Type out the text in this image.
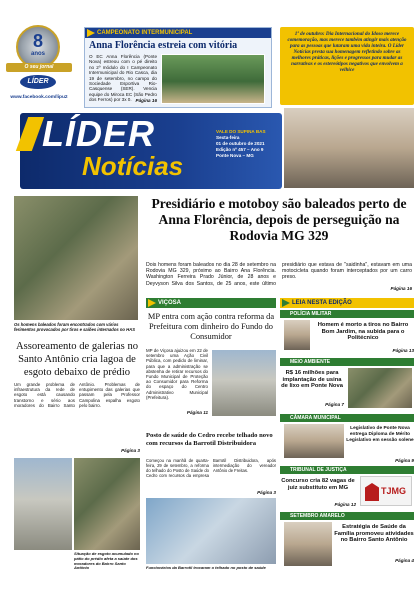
8
anos
O seu jornal
LÍDER
www.facebook.com/lipu2
CAMPEONATO INTERMUNICIPAL
Anna Florência estreia com vitória
O EC Anna Florência (Ponte Nova) estreou com o pé direito no 2º módulo do I Campeonato Intermunicipal do Rio Casca, dia 19 de setembro, no campo do Sociedade Esportiva Rio-Casquense (SER). Vencia equipe do Miroca EC (São Pedro dos Ferros) por 3x 0. Página 16
1º de outubro: Dia Internacional do Idoso merece comemoração, mas merece também atingir mais atenção para as pessoas que lutaram uma vida inteira. O Líder Notícias presta sua homenagem refletindo sobre as melhores práticas, lições e progressos para mudar as narrativas e os estereótipos negativos que envolvem a velhice
LÍDER
Notícias
VALE DO SUPINA BAS
Sexta-feira
01 de outubro de 2021
Edição nº 457 – Ano 9
Ponte Nova – MG
Os homens baleados foram encontrados com vários ferimentos provocados por tiros e saíões internados no HAS
Presidiário e motoboy são baleados perto de Anna Florência, depois de perseguição na Rodovia MG 329
Dois homens foram baleados no dia 28 de setembro na Rodovia MG 329, próximo ao Bairro Ana Florência. Washington Ferreira Prado Júnior, de 28 anos e Deyvyson Silva dos Santos, de 25 anos, este último presidiário que estava de "saidinha", estavam em uma motocicleta quando foram interceptados por um carro preso.
Página 16
VIÇOSA
MP entra com ação contra reforma da Prefeitura com dinheiro do Fundo do Consumidor
MP de Viçosa ajuizou em 22 de setembro uma Ação Civil Pública, com pedido de liminar, para que a administração se abstenha de retirar recursos do Fundo Municipal de Proteção ao Consumidor para Reforma do espaço do Centro Administrativo Municipal (Prefeitura).
Página 11
Assoreamento de galerias no Santo Antônio cria lagoa de esgoto debaixo de prédio
Um grande problema de infraestrutura da rede de esgoto está causando transtorno e sério aos moradores do Bairro Santo Antônio. Problemas de entupimento das galerias que passam pela Professor Campolina espalha esgoto pelo bairro.
Página 3
Situação de esgoto acumulado no pátio do prédio afeta a saúde dos moradores do Bairro Santo Antônio
Posto de saúde do Cedro recebe telhado novo com recursos da Barrotil Distribuidora
Começou na manhã de quarta-feira, 29 de setembro, a reforma do telhado do Posto de Saúde do Cedro com recursos da empresa Barrotil Distribuidora, após intermediação do vereador Antônio de Freitas.
Página 3
Funcionários da Barrotil trocaram o telhado no posto de saúde
LEIA NESTA EDIÇÃO
POLÍCIA MILITAR
Homem é morto a tiros no Bairro Bom Jardim, na subida para o Politécnico
Página 13
MEIO AMBIENTE
R$ 16 milhões para implantação de usina de lixo em Ponte Nova
Página 7
CÂMARA MUNICIPAL
Legislativo de Ponte Nova entrega Diploma de Mérito Legislativo em sessão solene
Página 9
TRIBUNAL DE JUSTIÇA
Concurso cria 82 vagas de juiz substituto em MG
Página 12
TJMG
SETEMBRO AMARELO
Estratégia de Saúde da Família promoveu atividades no Bairro Santo Antônio
Página 4
